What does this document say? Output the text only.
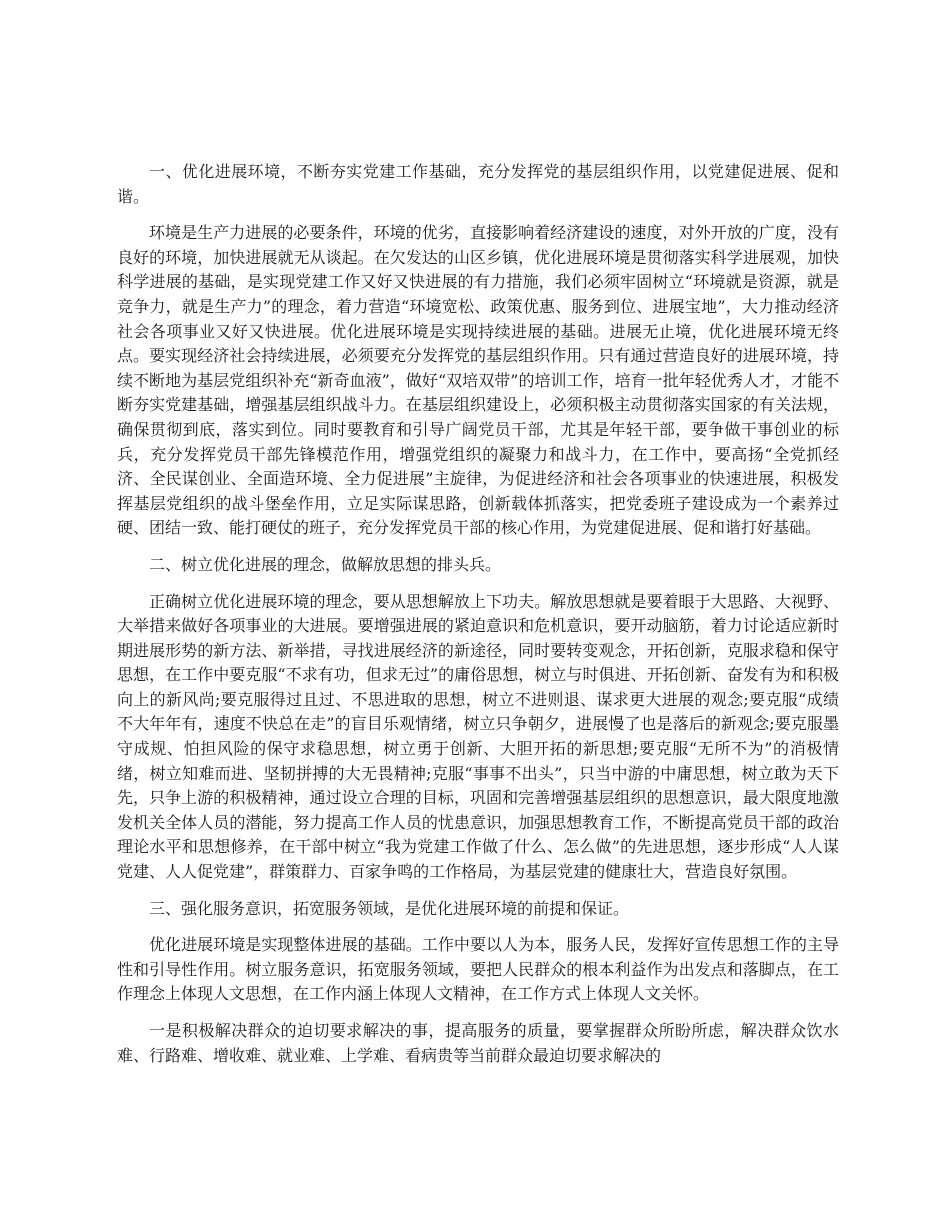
一、优化进展环境，不断夯实党建工作基础，充分发挥党的基层组织作用，以党建促进展、促和谐。

环境是生产力进展的必要条件，环境的优劣，直接影响着经济建设的速度，对外开放的广度，没有良好的环境，加快进展就无从谈起。在欠发达的山区乡镇，优化进展环境是贯彻落实科学进展观，加快科学进展的基础，是实现党建工作又好又快进展的有力措施，我们必须牢固树立“环境就是资源，就是竞争力，就是生产力”的理念，着力营造“环境宽松、政策优惠、服务到位、进展宝地”，大力推动经济社会各项事业又好又快进展。优化进展环境是实现持续进展的基础。进展无止境，优化进展环境无终点。要实现经济社会持续进展，必须要充分发挥党的基层组织作用。只有通过营造良好的进展环境，持续不断地为基层党组织补充“新奇血液”，做好“双培双带”的培训工作，培育一批年轻优秀人才，才能不断夯实党建基础，增强基层组织战斗力。在基层组织建设上，必须积极主动贯彻落实国家的有关法规，确保贯彻到底，落实到位。同时要教育和引导广阔党员干部，尤其是年轻干部，要争做干事创业的标兵，充分发挥党员干部先锋模范作用，增强党组织的凝聚力和战斗力，在工作中，要高扬“全党抓经济、全民谋创业、全面造环境、全力促进展”主旋律，为促进经济和社会各项事业的快速进展，积极发挥基层党组织的战斗堡垒作用，立足实际谋思路，创新载体抓落实，把党委班子建设成为一个素养过硬、团结一致、能打硬仗的班子，充分发挥党员干部的核心作用，为党建促进展、促和谐打好基础。

二、树立优化进展的理念，做解放思想的排头兵。

正确树立优化进展环境的理念，要从思想解放上下功夫。解放思想就是要着眼于大思路、大视野、大举措来做好各项事业的大进展。要增强进展的紧迫意识和危机意识，要开动脑筋，着力讨论适应新时期进展形势的新方法、新举措，寻找进展经济的新途径，同时要转变观念，开拓创新，克服求稳和保守思想，在工作中要克服“不求有功，但求无过”的庸俗思想，树立与时俱进、开拓创新、奋发有为和积极向上的新风尚;要克服得过且过、不思进取的思想，树立不进则退、谋求更大进展的观念;要克服“成绩不大年年有，速度不快总在走”的盲目乐观情绪，树立只争朝夕，进展慢了也是落后的新观念;要克服墨守成规、怕担风险的保守求稳思想，树立勇于创新、大胆开拓的新思想;要克服“无所不为”的消极情绪，树立知难而进、坚韧拼搏的大无畏精神;克服“事事不出头”，只当中游的中庸思想，树立敢为天下先，只争上游的积极精神，通过设立合理的目标，巩固和完善增强基层组织的思想意识，最大限度地激发机关全体人员的潜能，努力提高工作人员的忧患意识，加强思想教育工作，不断提高党员干部的政治理论水平和思想修养，在干部中树立“我为党建工作做了什么、怎么做”的先进思想，逐步形成“人人谋党建、人人促党建”，群策群力、百家争鸣的工作格局，为基层党建的健康壮大，营造良好氛围。

三、强化服务意识，拓宽服务领域，是优化进展环境的前提和保证。

优化进展环境是实现整体进展的基础。工作中要以人为本，服务人民，发挥好宣传思想工作的主导性和引导性作用。树立服务意识，拓宽服务领域，要把人民群众的根本利益作为出发点和落脚点，在工作理念上体现人文思想，在工作内涵上体现人文精神，在工作方式上体现人文关怀。

一是积极解决群众的迫切要求解决的事，提高服务的质量，要掌握群众所盼所虑，解决群众饮水难、行路难、增收难、就业难、上学难、看病贵等当前群众最迫切要求解决的
